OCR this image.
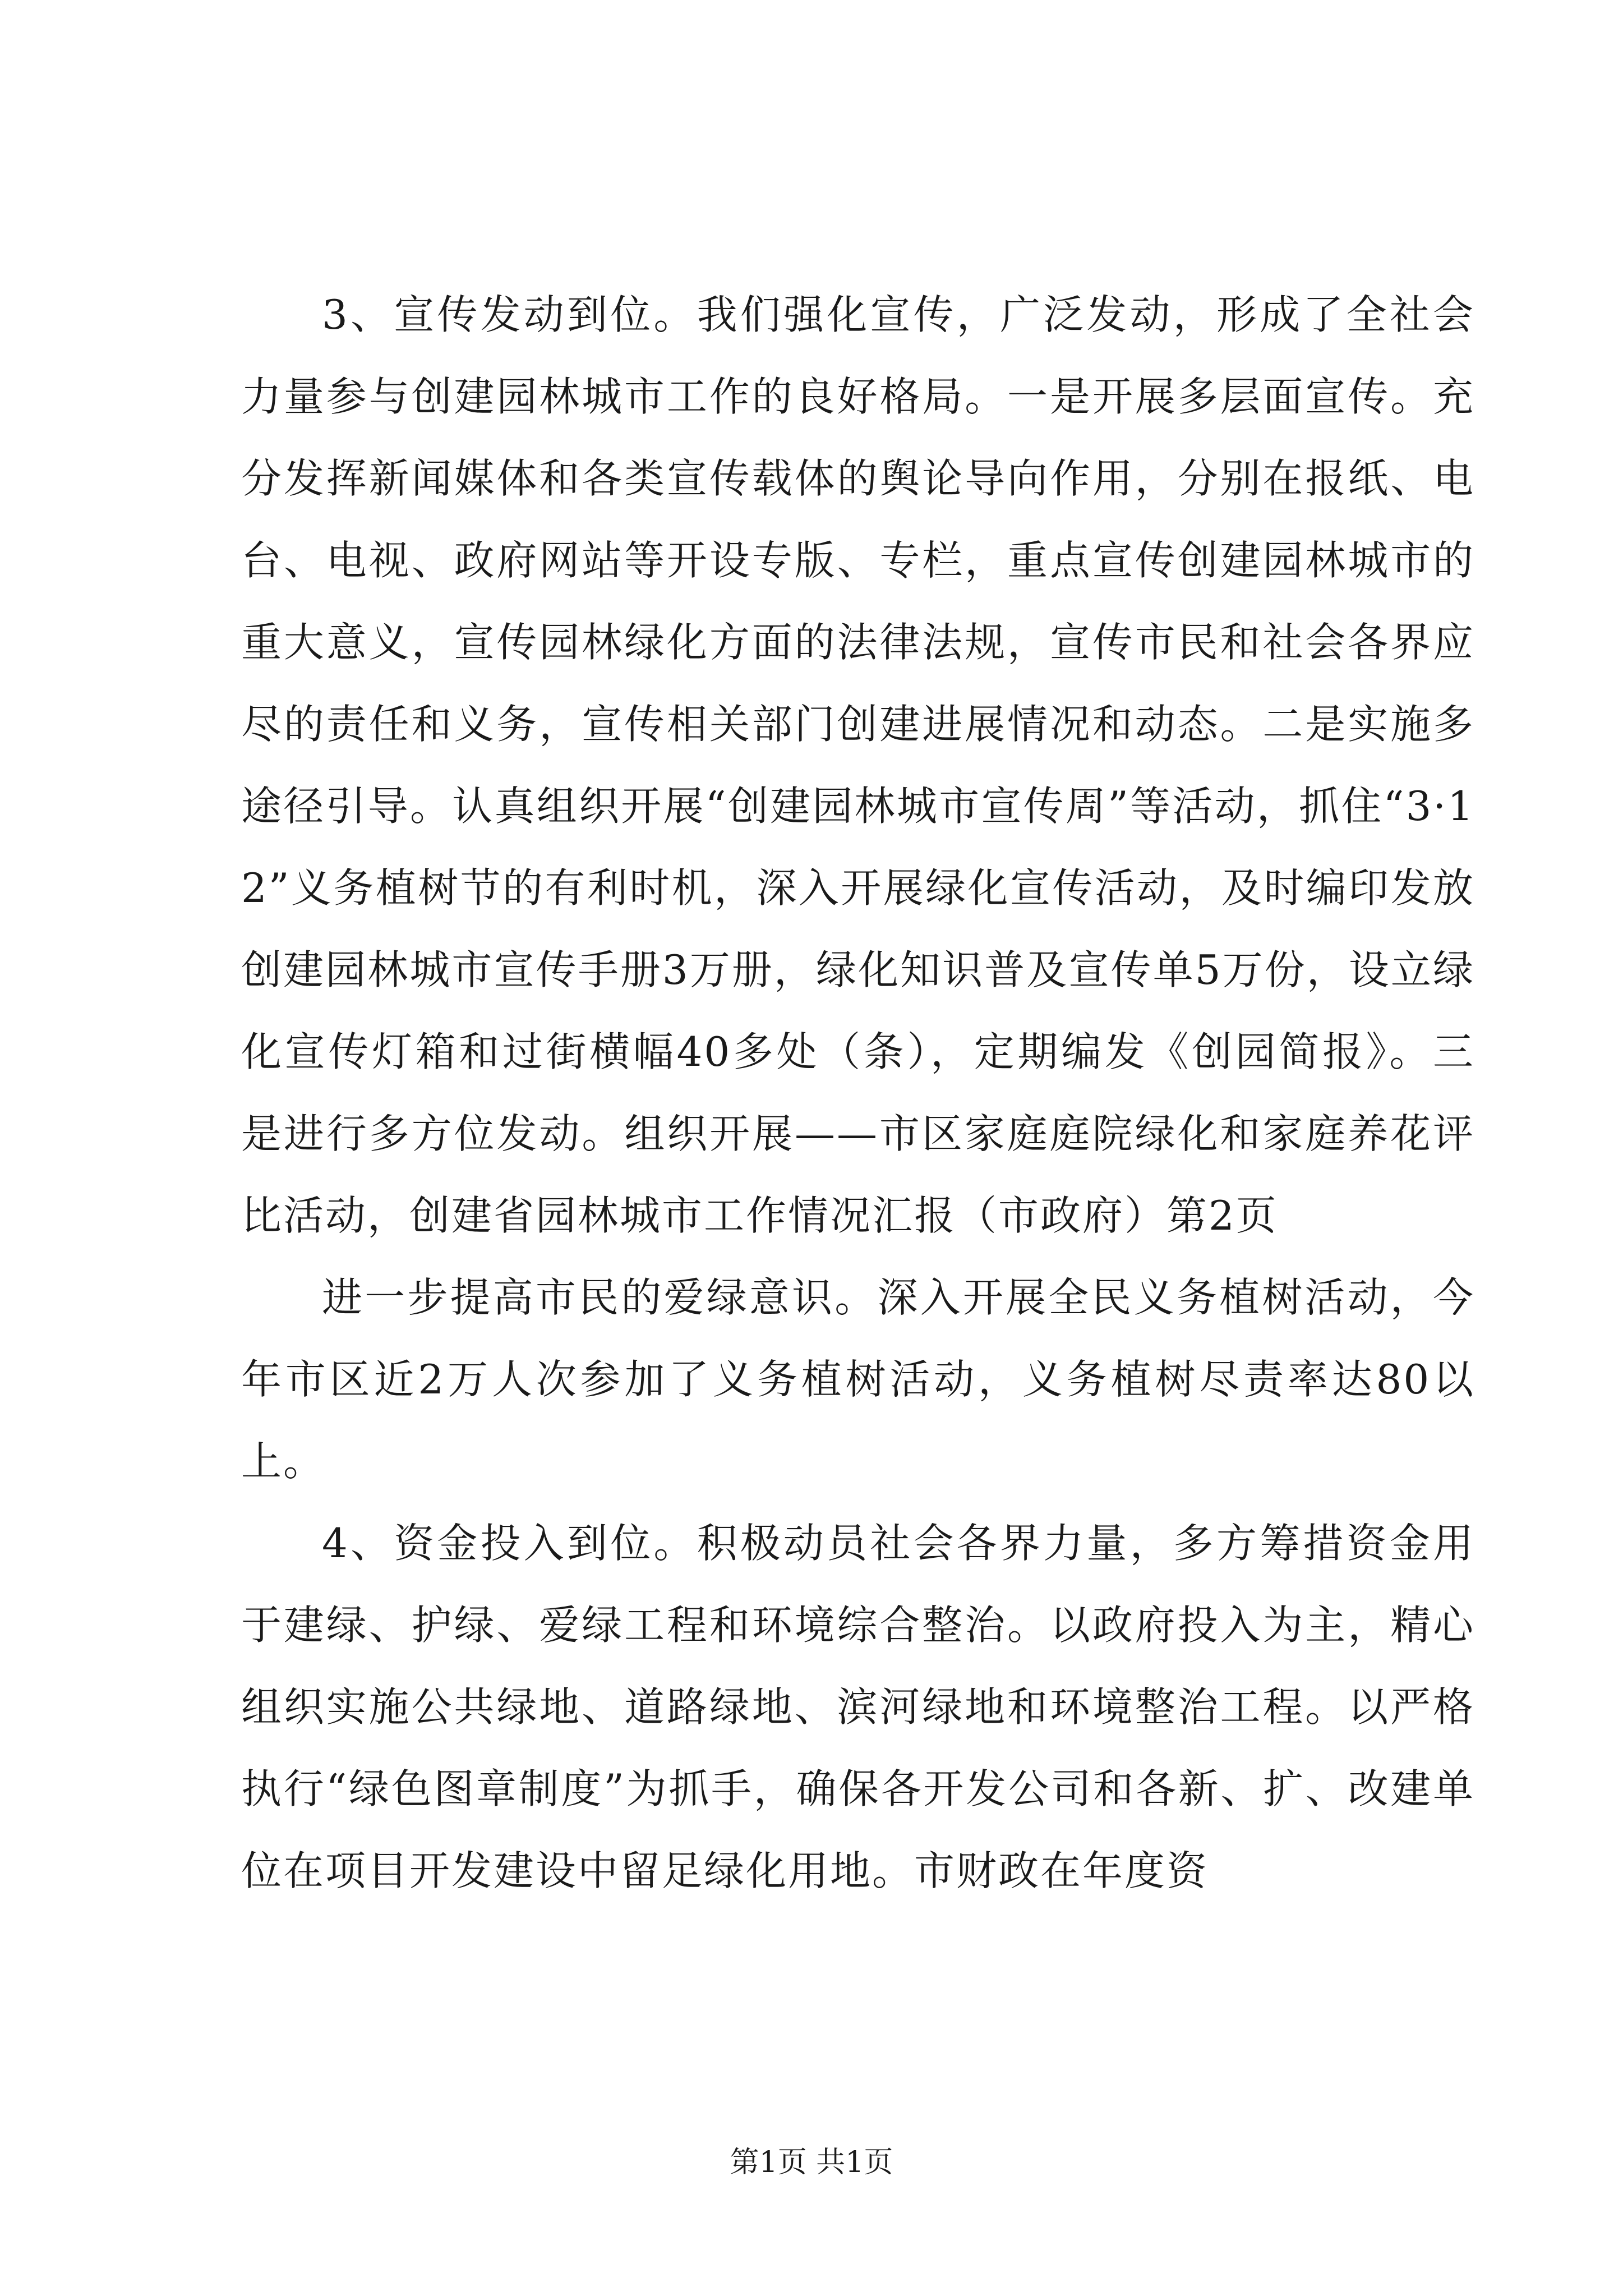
3、宣传发动到位。我们强化宣传，广泛发动，形成了全社会力量参与创建园林城市工作的良好格局。一是开展多层面宣传。充分发挥新闻媒体和各类宣传载体的舆论导向作用，分别在报纸、电台、电视、政府网站等开设专版、专栏，重点宣传创建园林城市的重大意义，宣传园林绿化方面的法律法规，宣传市民和社会各界应尽的责任和义务，宣传相关部门创建进展情况和动态。二是实施多途径引导。认真组织开展“创建园林城市宣传周”等活动，抓住“3·12”义务植树节的有利时机，深入开展绿化宣传活动，及时编印发放创建园林城市宣传手册3万册，绿化知识普及宣传单5万份，设立绿化宣传灯箱和过街横幅40多处（条），定期编发《创园简报》。三是进行多方位发动。组织开展——市区家庭庭院绿化和家庭养花评比活动，创建省园林城市工作情况汇报（市政府）第2页

进一步提高市民的爱绿意识。深入开展全民义务植树活动，今年市区近2万人次参加了义务植树活动，义务植树尽责率达80以上。

4、资金投入到位。积极动员社会各界力量，多方筹措资金用于建绿、护绿、爱绿工程和环境综合整治。以政府投入为主，精心组织实施公共绿地、道路绿地、滨河绿地和环境整治工程。以严格执行“绿色图章制度”为抓手，确保各开发公司和各新、扩、改建单位在项目开发建设中留足绿化用地。市财政在年度资

第1页 共1页
